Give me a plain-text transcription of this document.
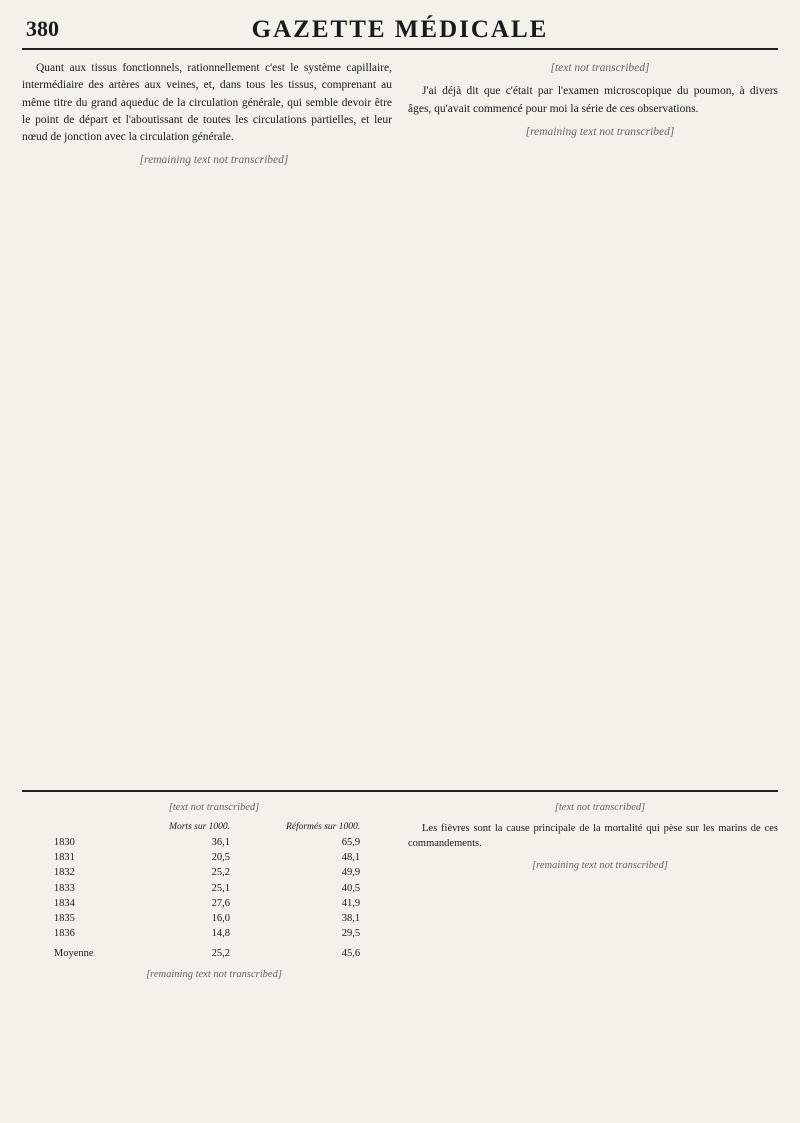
380	GAZETTE MÉDICALE

Quant aux tissus fonctionnels, rationnellement c'est le système capillaire, intermédiaire des artères aux veines, et, dans tous les tissus, comprenant au même titre du grand aqueduc de la circulation générale, qui semble devoir être le point de départ et l'aboutissant de toutes les circulations partielles, et leur nœud de jonction avec la circulation générale.

[remaining text not transcribed]

[text not transcribed]

J'ai déjà dit que c'était par l'examen microscopique du poumon, à divers âges, qu'avait commencé pour moi la série de ces observations.

[remaining text not transcribed]

[text not transcribed]

	Morts sur 1000.	Réformés sur 1000.
1830	36,1	65,9
1831	20,5	48,1
1832	25,2	49,9
1833	25,1	40,5
1834	27,6	41,9
1835	16,0	38,1
1836	14,8	29,5
Moyenne	25,2	45,6

[remaining text not transcribed]

[text not transcribed]

Les fièvres sont la cause principale de la mortalité qui pèse sur les marins de ces commandements.

[remaining text not transcribed]
